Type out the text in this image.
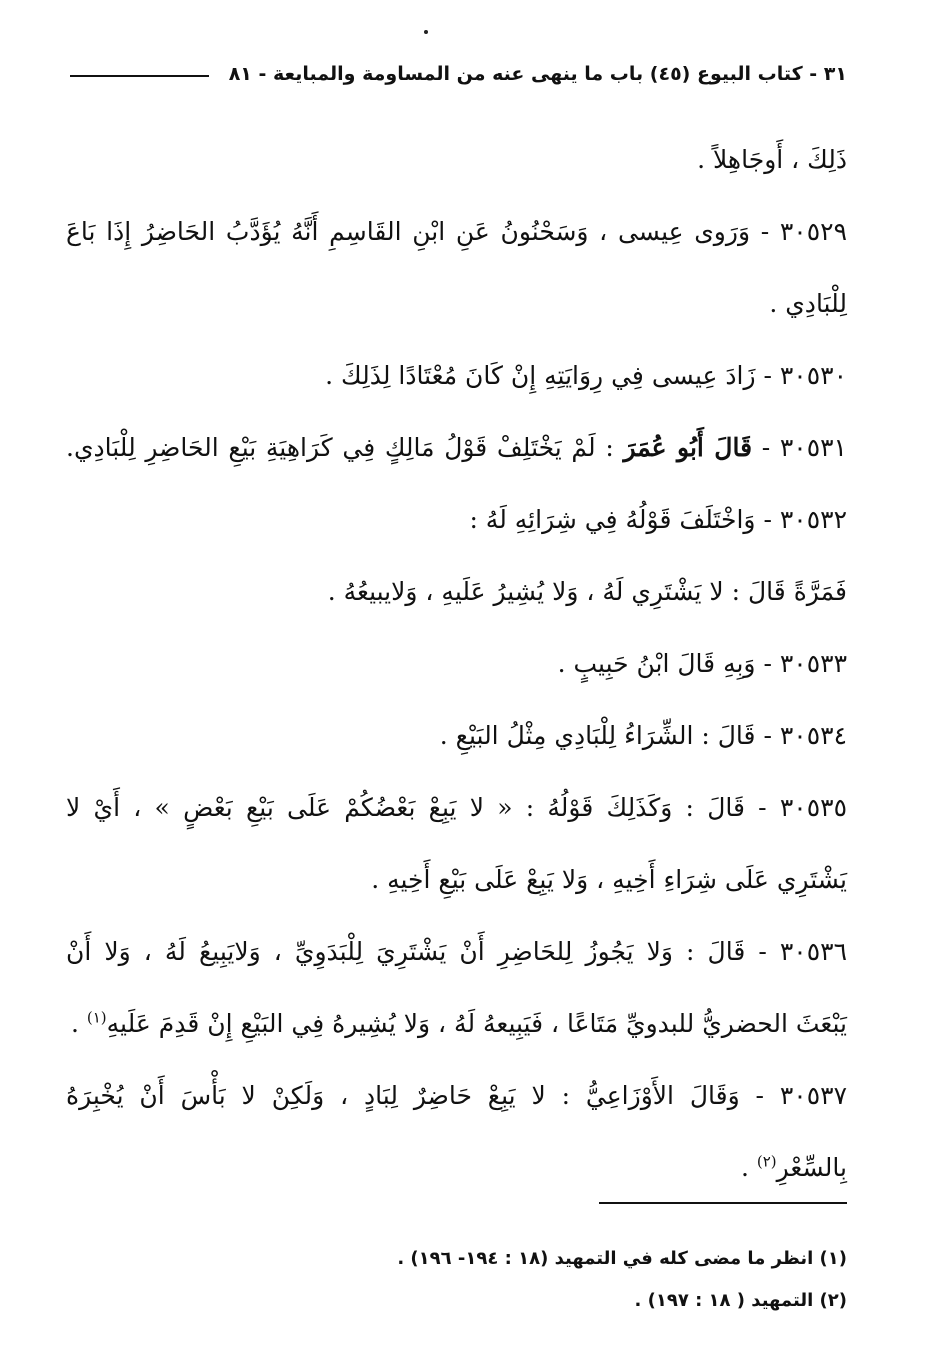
٣١ - كتاب البيوع (٤٥) باب ما ينهى عنه من المساومة والمبايعة - ٨١
ذَلِكَ ، أَوجَاهِلاً .
٣٠٥٢٩ - وَرَوى عِيسى ، وَسَحْنُونُ عَنِ ابْنِ القَاسِمِ أَنَّهُ يُؤَدَّبُ الحَاضِرُ إِذَا بَاعَ
لِلْبَادِي .
٣٠٥٣٠ - زَادَ عِيسى فِي رِوَايَتِهِ إِنْ كَانَ مُعْتَادًا لِذَلِكَ .
٣٠٥٣١ - قَالَ أَبُو عُمَرَ : لَمْ يَخْتَلِفْ قَوْلُ مَالِكٍ فِي كَرَاهِيَةِ بَيْعِ الحَاضِرِ لِلْبَادِي.
٣٠٥٣٢ - وَاخْتَلَفَ قَوْلُهُ فِي شِرَائِهِ لَهُ :
فَمَرَّةً قَالَ : لا يَشْتَرِي لَهُ ، وَلا يُشِيرُ عَلَيهِ ، وَلايبيعُهُ .
٣٠٥٣٣ - وَبِهِ قَالَ ابْنُ حَبِيبٍ .
٣٠٥٣٤ - قَالَ : الشِّرَاءُ لِلْبَادِي مِثْلُ البَيْعِ .
٣٠٥٣٥ - قَالَ : وَكَذَلِكَ قَوْلُهُ : « لا يَبِعْ بَعْضُكُمْ عَلَى بَيْعِ بَعْضٍ » ، أَيْ لا
يَشْتَرِي عَلَى شِرَاءِ أَخِيهِ ، وَلا يَبِعْ عَلَى بَيْعِ أَخِيهِ .
٣٠٥٣٦ - قَالَ : وَلا يَجُوزُ لِلحَاضِرِ أَنْ يَشْتَرِيَ لِلْبَدَوِيِّ ، وَلايَبِيعُ لَهُ ، وَلا أَنْ
يَبْعَثَ الحضريُّ للبدويِّ مَتَاعًا ، فَيَبِيعهُ لَهُ ، وَلا يُشِيرهُ فِي البَيْعِ إِنْ قَدِمَ عَلَيهِ$^{(١)}$ .
٣٠٥٣٧ - وَقَالَ الأَوْزَاعِيُّ : لا يَبِعْ حَاضِرٌ لِبَادٍ ، وَلَكِنْ لا بَأْسَ أَنْ يُخْبِرَهُ
بِالسِّعْرِ$^{(٢)}$ .
(١) انظر ما مضى كله في التمهيد (١٨ : ١٩٤- ١٩٦) .
(٢) التمهيد ( ١٨ : ١٩٧) .
